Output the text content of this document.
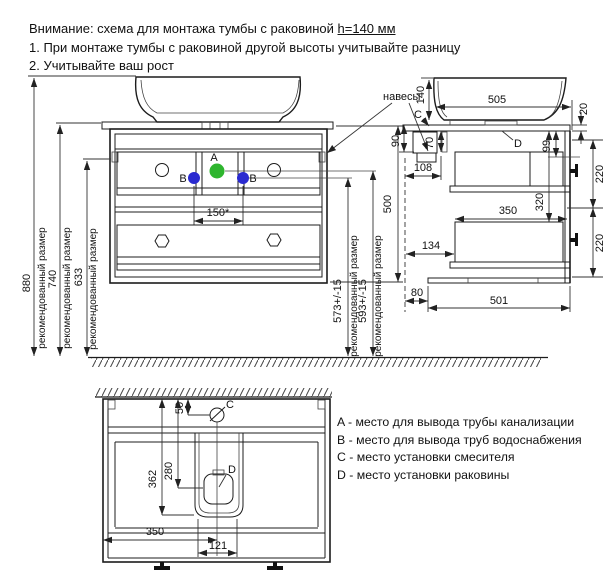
Внимание: схема для монтажа тумбы с раковиной h=140 мм
1. При монтаже тумбы с раковиной другой высоты учитывайте разницу
2. Учитывайте ваш рост
A
B	B
150*
880 рекомендованный размер 740 рекомендованный размер 633 рекомендованный размер	573+/-15 рекомендованный размер
593+/-15 рекомендованный размер
500
навесы
140	505
20
C
D
90 70
108
99
220
220
320
350
134
80
501
C
50
362 280	D
350
121
A - место для вывода трубы канализации
B - место для вывода труб водоснабжения
C - место установки смесителя
D - место установки раковины
